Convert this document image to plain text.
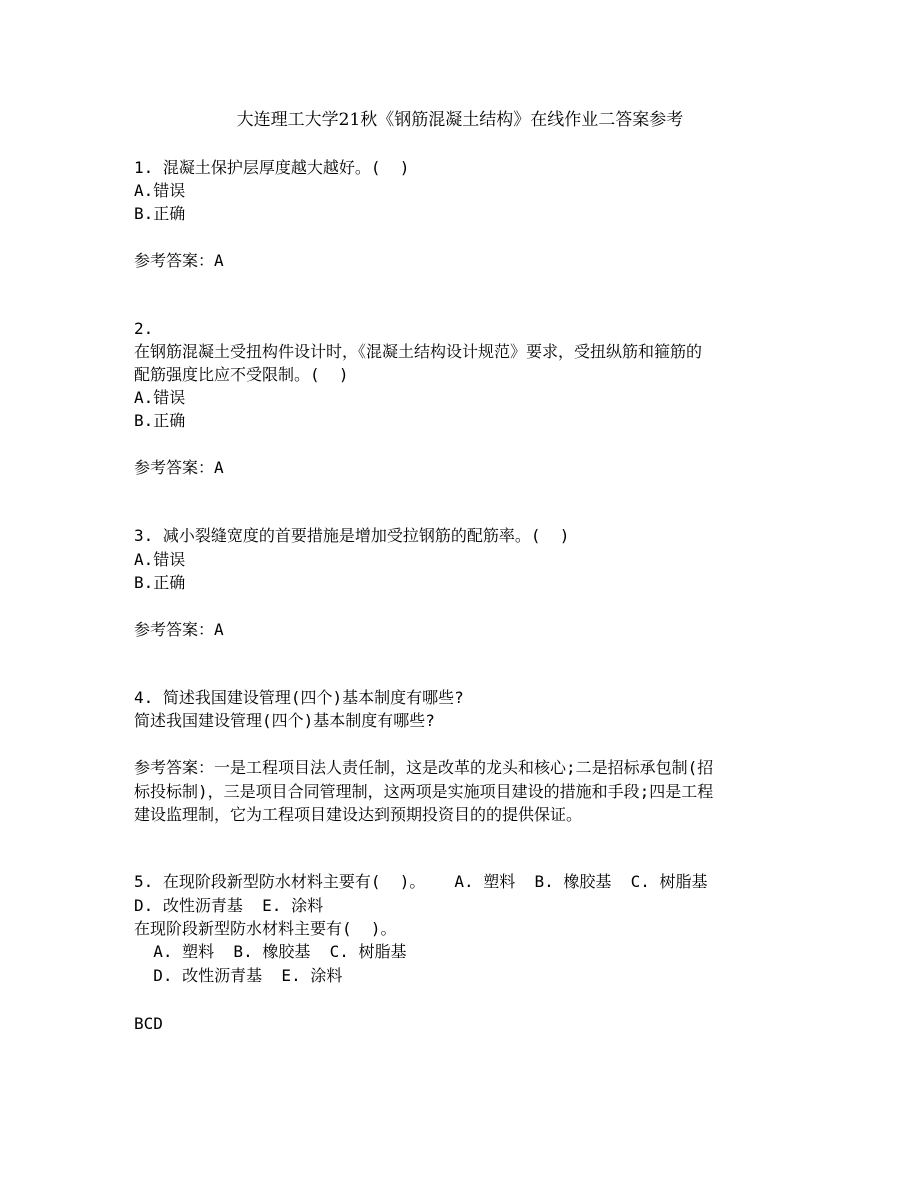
大连理工大学21秋《钢筋混凝土结构》在线作业二答案参考
1. 混凝土保护层厚度越大越好。(  )
A.错误
B.正确
参考答案：A
2.
在钢筋混凝土受扭构件设计时，《混凝土结构设计规范》要求，受扭纵筋和箍筋的
配筋强度比应不受限制。(  )
A.错误
B.正确
参考答案：A
3. 减小裂缝宽度的首要措施是增加受拉钢筋的配筋率。(  )
A.错误
B.正确
参考答案：A
4. 简述我国建设管理(四个)基本制度有哪些?
简述我国建设管理(四个)基本制度有哪些?
参考答案：一是工程项目法人责任制，这是改革的龙头和核心;二是招标承包制(招
标投标制)，三是项目合同管理制，这两项是实施项目建设的措施和手段;四是工程
建设监理制，它为工程项目建设达到预期投资目的的提供保证。
5. 在现阶段新型防水材料主要有(  )。   A. 塑料  B. 橡胶基  C. 树脂基
D. 改性沥青基  E. 涂料
在现阶段新型防水材料主要有(  )。
A. 塑料  B. 橡胶基  C. 树脂基
D. 改性沥青基  E. 涂料
BCD
